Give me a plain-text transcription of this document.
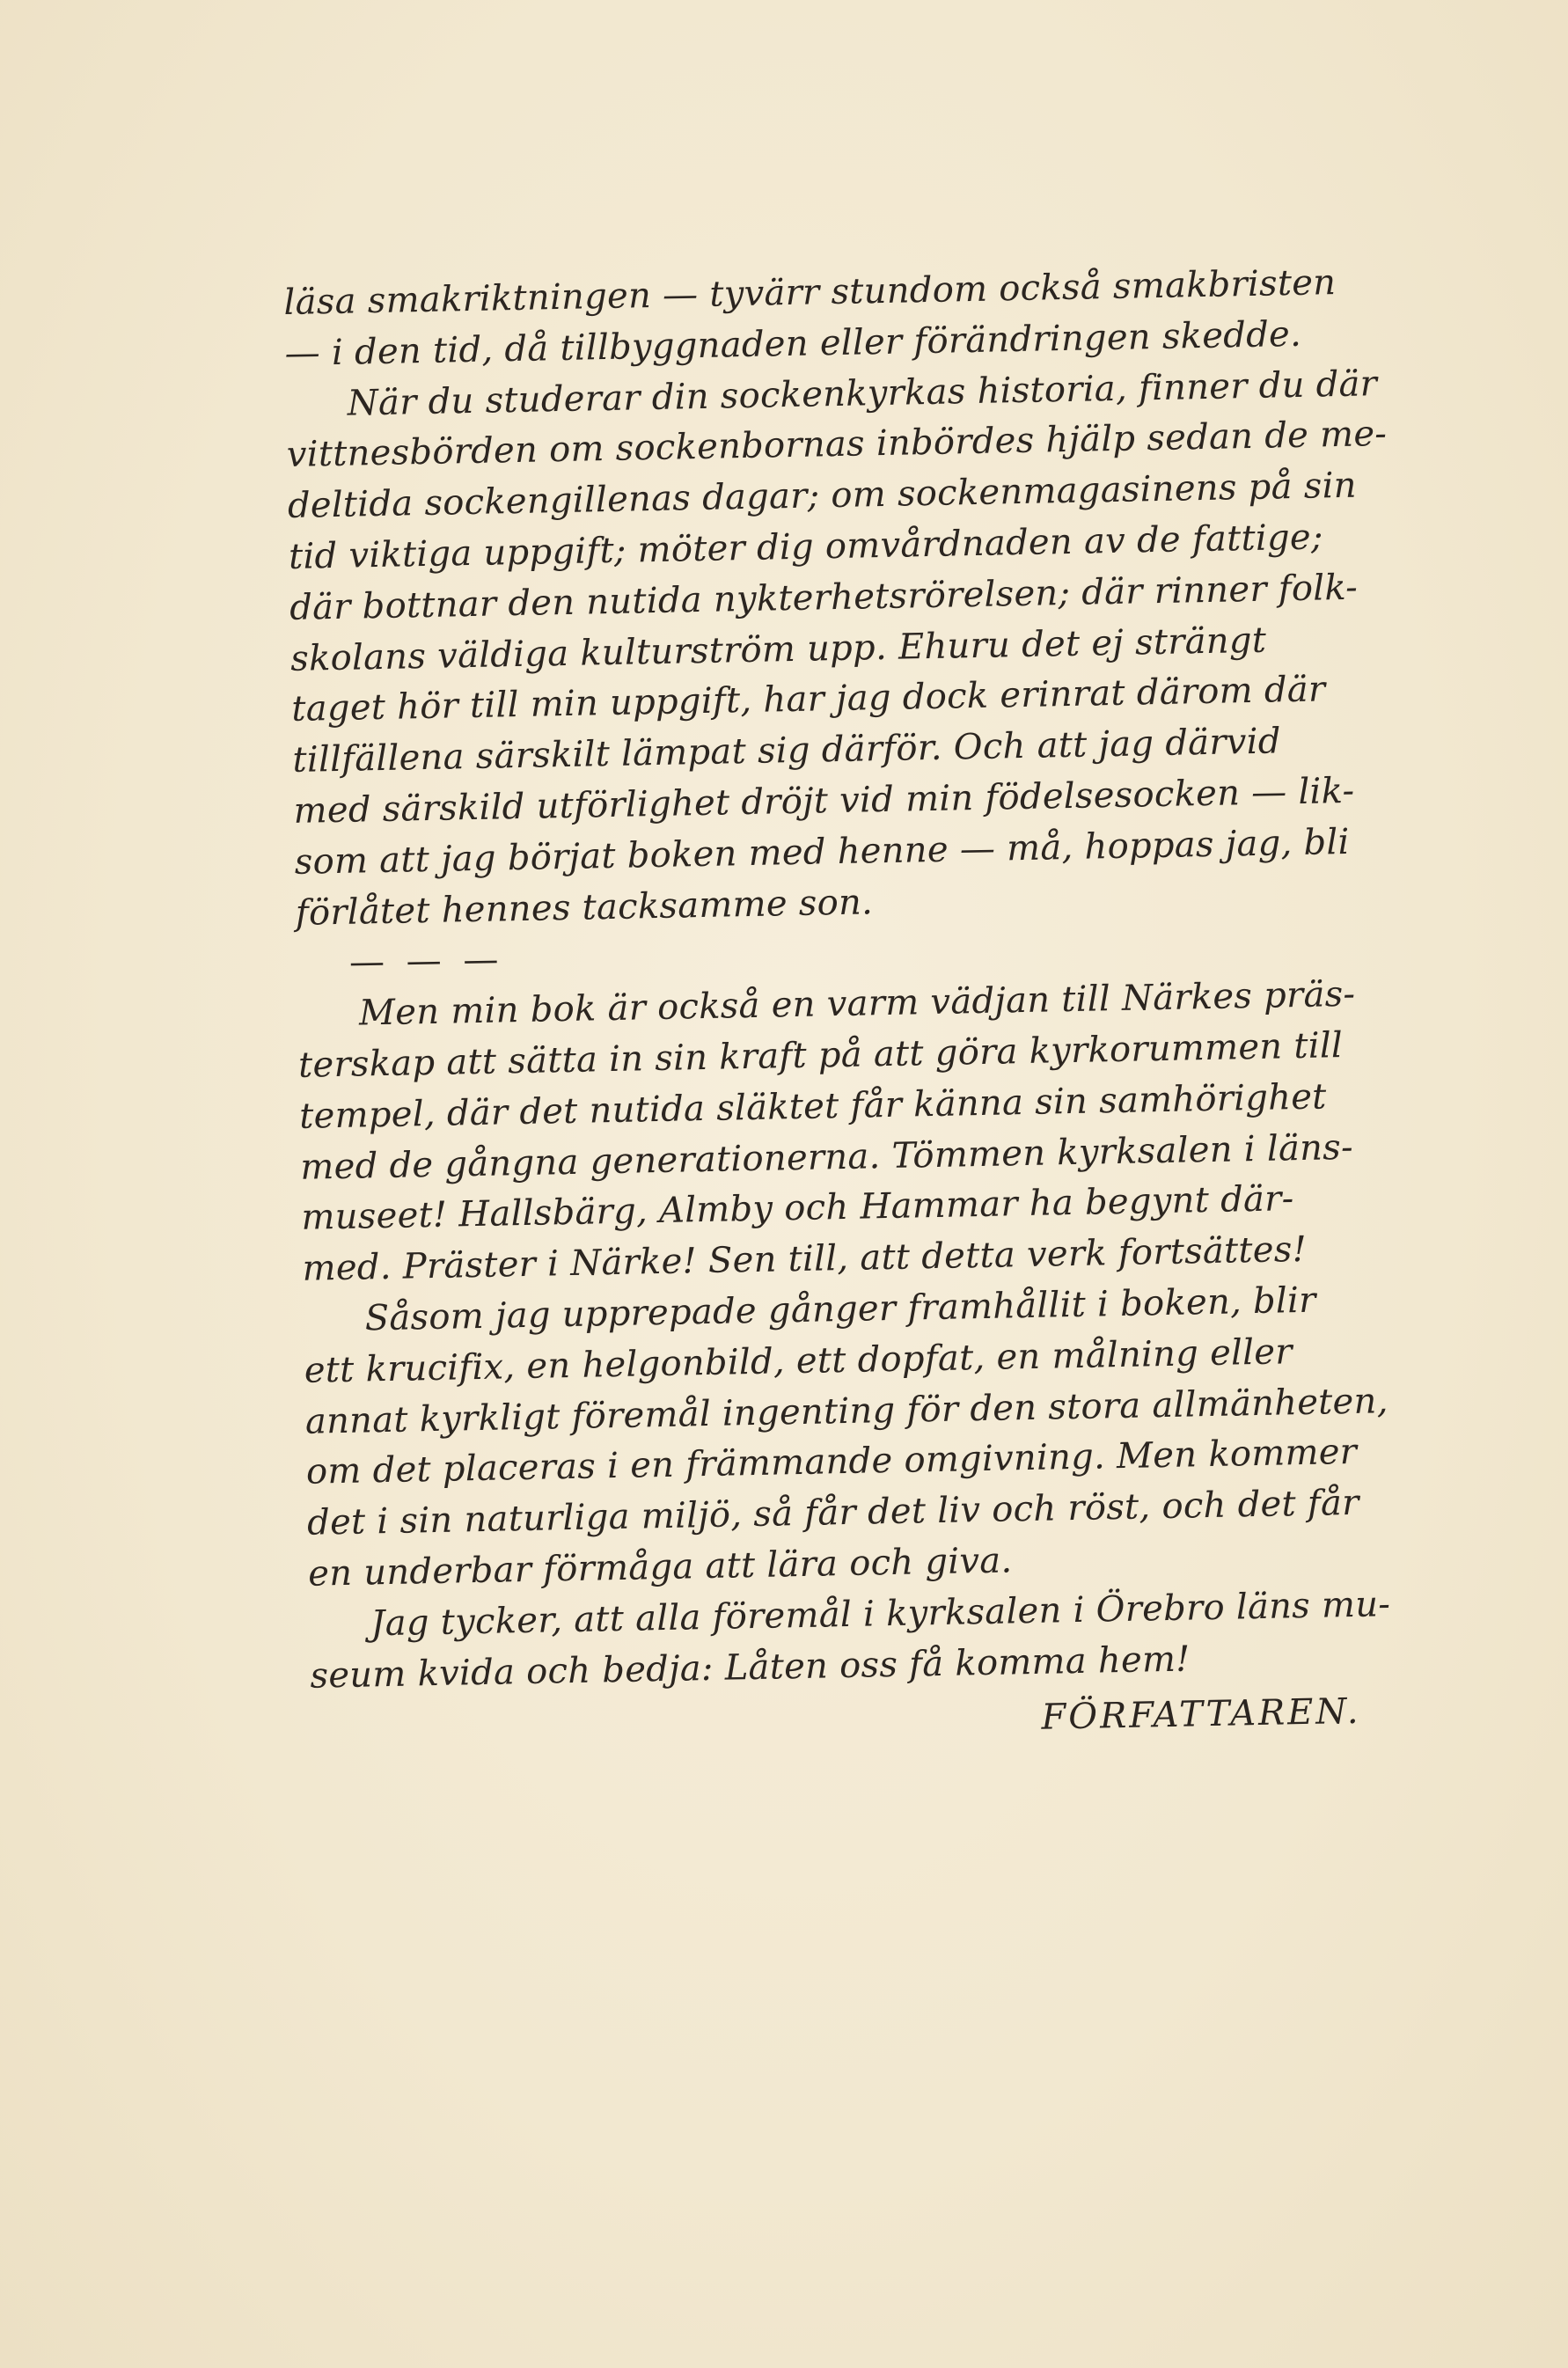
läsa smakriktningen — tyvärr stundom också smakbristen
— i den tid, då tillbyggnaden eller förändringen skedde.
När du studerar din sockenkyrkas historia, finner du där
vittnesbörden om sockenbornas inbördes hjälp sedan de me-
deltida sockengillenas dagar; om sockenmagasinens på sin
tid viktiga uppgift; möter dig omvårdnaden av de fattige;
där bottnar den nutida nykterhetsrörelsen; där rinner folk-
skolans väldiga kulturström upp. Ehuru det ej strängt
taget hör till min uppgift, har jag dock erinrat därom där
tillfällena särskilt lämpat sig därför. Och att jag därvid
med särskild utförlighet dröjt vid min födelsesocken — lik-
som att jag börjat boken med henne — må, hoppas jag, bli
förlåtet hennes tacksamme son.
— — —
Men min bok är också en varm vädjan till Närkes präs-
terskap att sätta in sin kraft på att göra kyrkorummen till
tempel, där det nutida släktet får känna sin samhörighet
med de gångna generationerna. Tömmen kyrksalen i läns-
museet! Hallsbärg, Almby och Hammar ha begynt där-
med. Präster i Närke! Sen till, att detta verk fortsättes!
Såsom jag upprepade gånger framhållit i boken, blir
ett krucifix, en helgonbild, ett dopfat, en målning eller
annat kyrkligt föremål ingenting för den stora allmänheten,
om det placeras i en främmande omgivning. Men kommer
det i sin naturliga miljö, så får det liv och röst, och det får
en underbar förmåga att lära och giva.
Jag tycker, att alla föremål i kyrksalen i Örebro läns mu-
seum kvida och bedja: Låten oss få komma hem!
FÖRFATTAREN.
